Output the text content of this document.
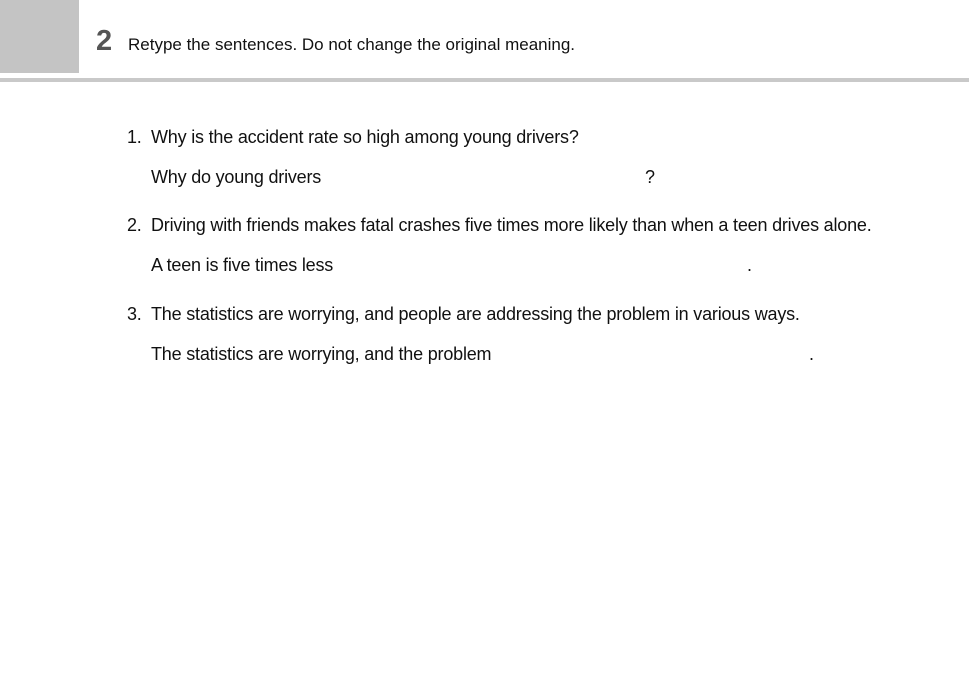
2 Retype the sentences. Do not change the original meaning.
1. Why is the accident rate so high among young drivers?
Why do young drivers	?
2. Driving with friends makes fatal crashes five times more likely than when a teen drives alone.
A teen is five times less	.
3. The statistics are worrying, and people are addressing the problem in various ways.
The statistics are worrying, and the problem	.
